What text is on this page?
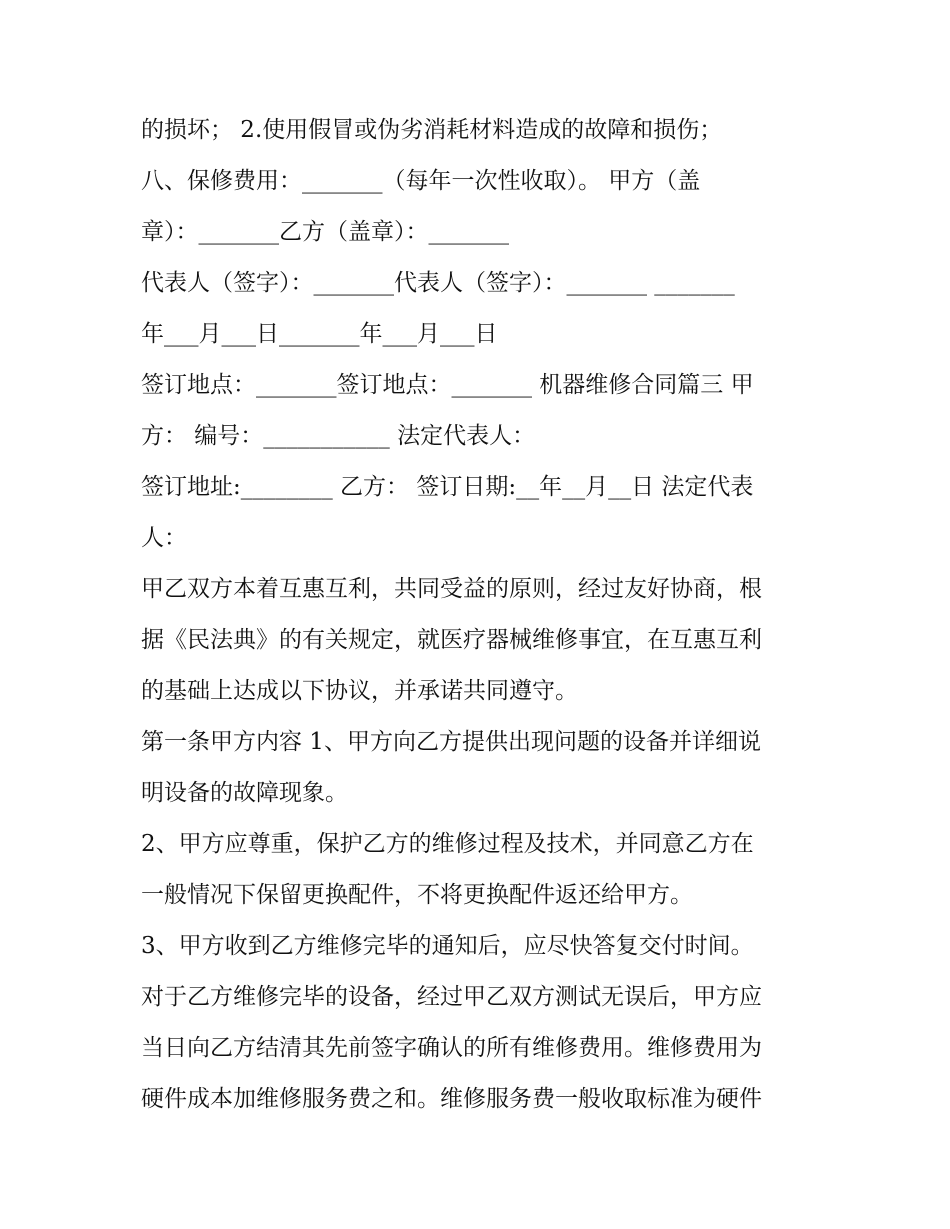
的损坏； 2.使用假冒或伪劣消耗材料造成的故障和损伤；
八、保修费用：_______（每年一次性收取）。 甲方（盖
章）：_______乙方（盖章）：_______
代表人（签字）：_______代表人（签字）：_______ _______
年___月___日_______年___月___日
签订地点：_______签订地点：_______ 机器维修合同篇三 甲
方： 编号：___________ 法定代表人：
签订地址:________ 乙方： 签订日期:__年__月__日 法定代表
人：
甲乙双方本着互惠互利，共同受益的原则，经过友好协商，根
据《民法典》的有关规定，就医疗器械维修事宜，在互惠互利
的基础上达成以下协议，并承诺共同遵守。
第一条甲方内容 1、甲方向乙方提供出现问题的设备并详细说
明设备的故障现象。
2、甲方应尊重，保护乙方的维修过程及技术，并同意乙方在
一般情况下保留更换配件，不将更换配件返还给甲方。
3、甲方收到乙方维修完毕的通知后，应尽快答复交付时间。
对于乙方维修完毕的设备，经过甲乙双方测试无误后，甲方应
当日向乙方结清其先前签字确认的所有维修费用。维修费用为
硬件成本加维修服务费之和。维修服务费一般收取标准为硬件
